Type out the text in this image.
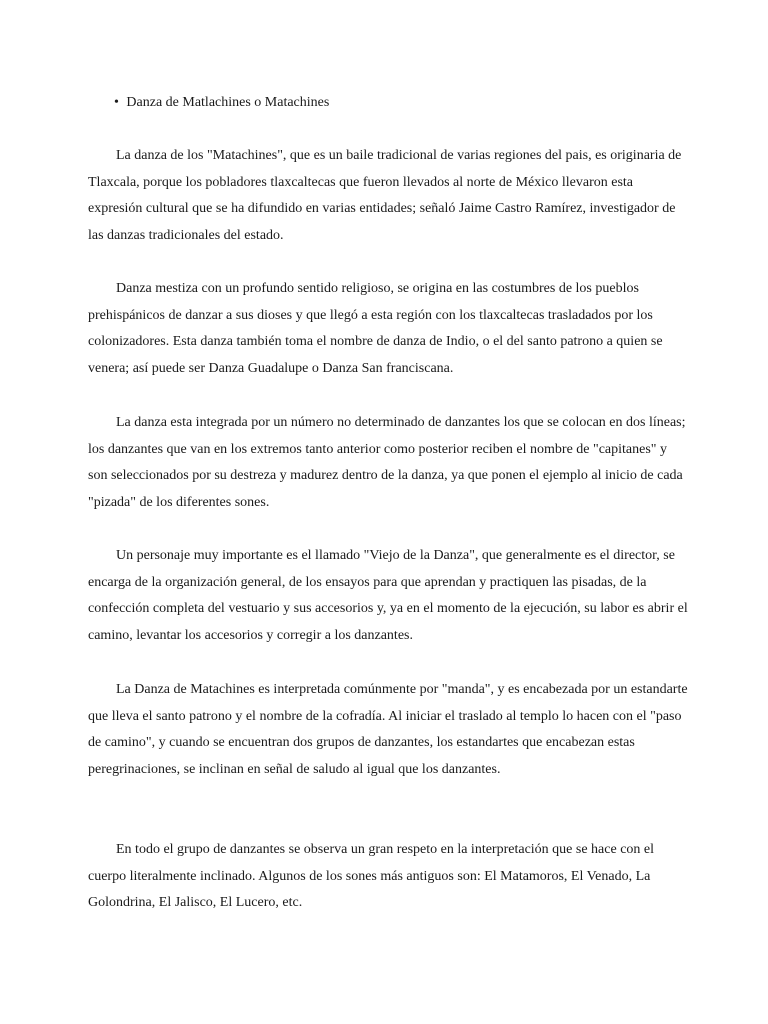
• Danza de Matlachines o Matachines

La danza de los "Matachines", que es un baile tradicional de varias regiones del pais, es originaria de Tlaxcala, porque los pobladores tlaxcaltecas que fueron llevados al norte de México llevaron esta expresión cultural que se ha difundido en varias entidades; señaló Jaime Castro Ramírez, investigador de las danzas tradicionales del estado.

Danza mestiza con un profundo sentido religioso, se origina en las costumbres de los pueblos prehispánicos de danzar a sus dioses y que llegó a esta región con los tlaxcaltecas trasladados por los colonizadores. Esta danza también toma el nombre de danza de Indio, o el del santo patrono a quien se venera; así puede ser Danza Guadalupe o Danza San franciscana.

La danza esta integrada por un número no determinado de danzantes los que se colocan en dos líneas; los danzantes que van en los extremos tanto anterior como posterior reciben el nombre de "capitanes" y son seleccionados por su destreza y madurez dentro de la danza, ya que ponen el ejemplo al inicio de cada "pizada" de los diferentes sones.

Un personaje muy importante es el llamado "Viejo de la Danza", que generalmente es el director, se encarga de la organización general, de los ensayos para que aprendan y practiquen las pisadas, de la confección completa del vestuario y sus accesorios y, ya en el momento de la ejecución, su labor es abrir el camino, levantar los accesorios y corregir a los danzantes.

La Danza de Matachines es interpretada comúnmente por "manda", y es encabezada por un estandarte que lleva el santo patrono y el nombre de la cofradía. Al iniciar el traslado al templo lo hacen con el "paso de camino", y cuando se encuentran dos grupos de danzantes, los estandartes que encabezan estas peregrinaciones, se inclinan en señal de saludo al igual que los danzantes.

En todo el grupo de danzantes se observa un gran respeto en la interpretación que se hace con el cuerpo literalmente inclinado. Algunos de los sones más antiguos son: El Matamoros, El Venado, La Golondrina, El Jalisco, El Lucero, etc.
